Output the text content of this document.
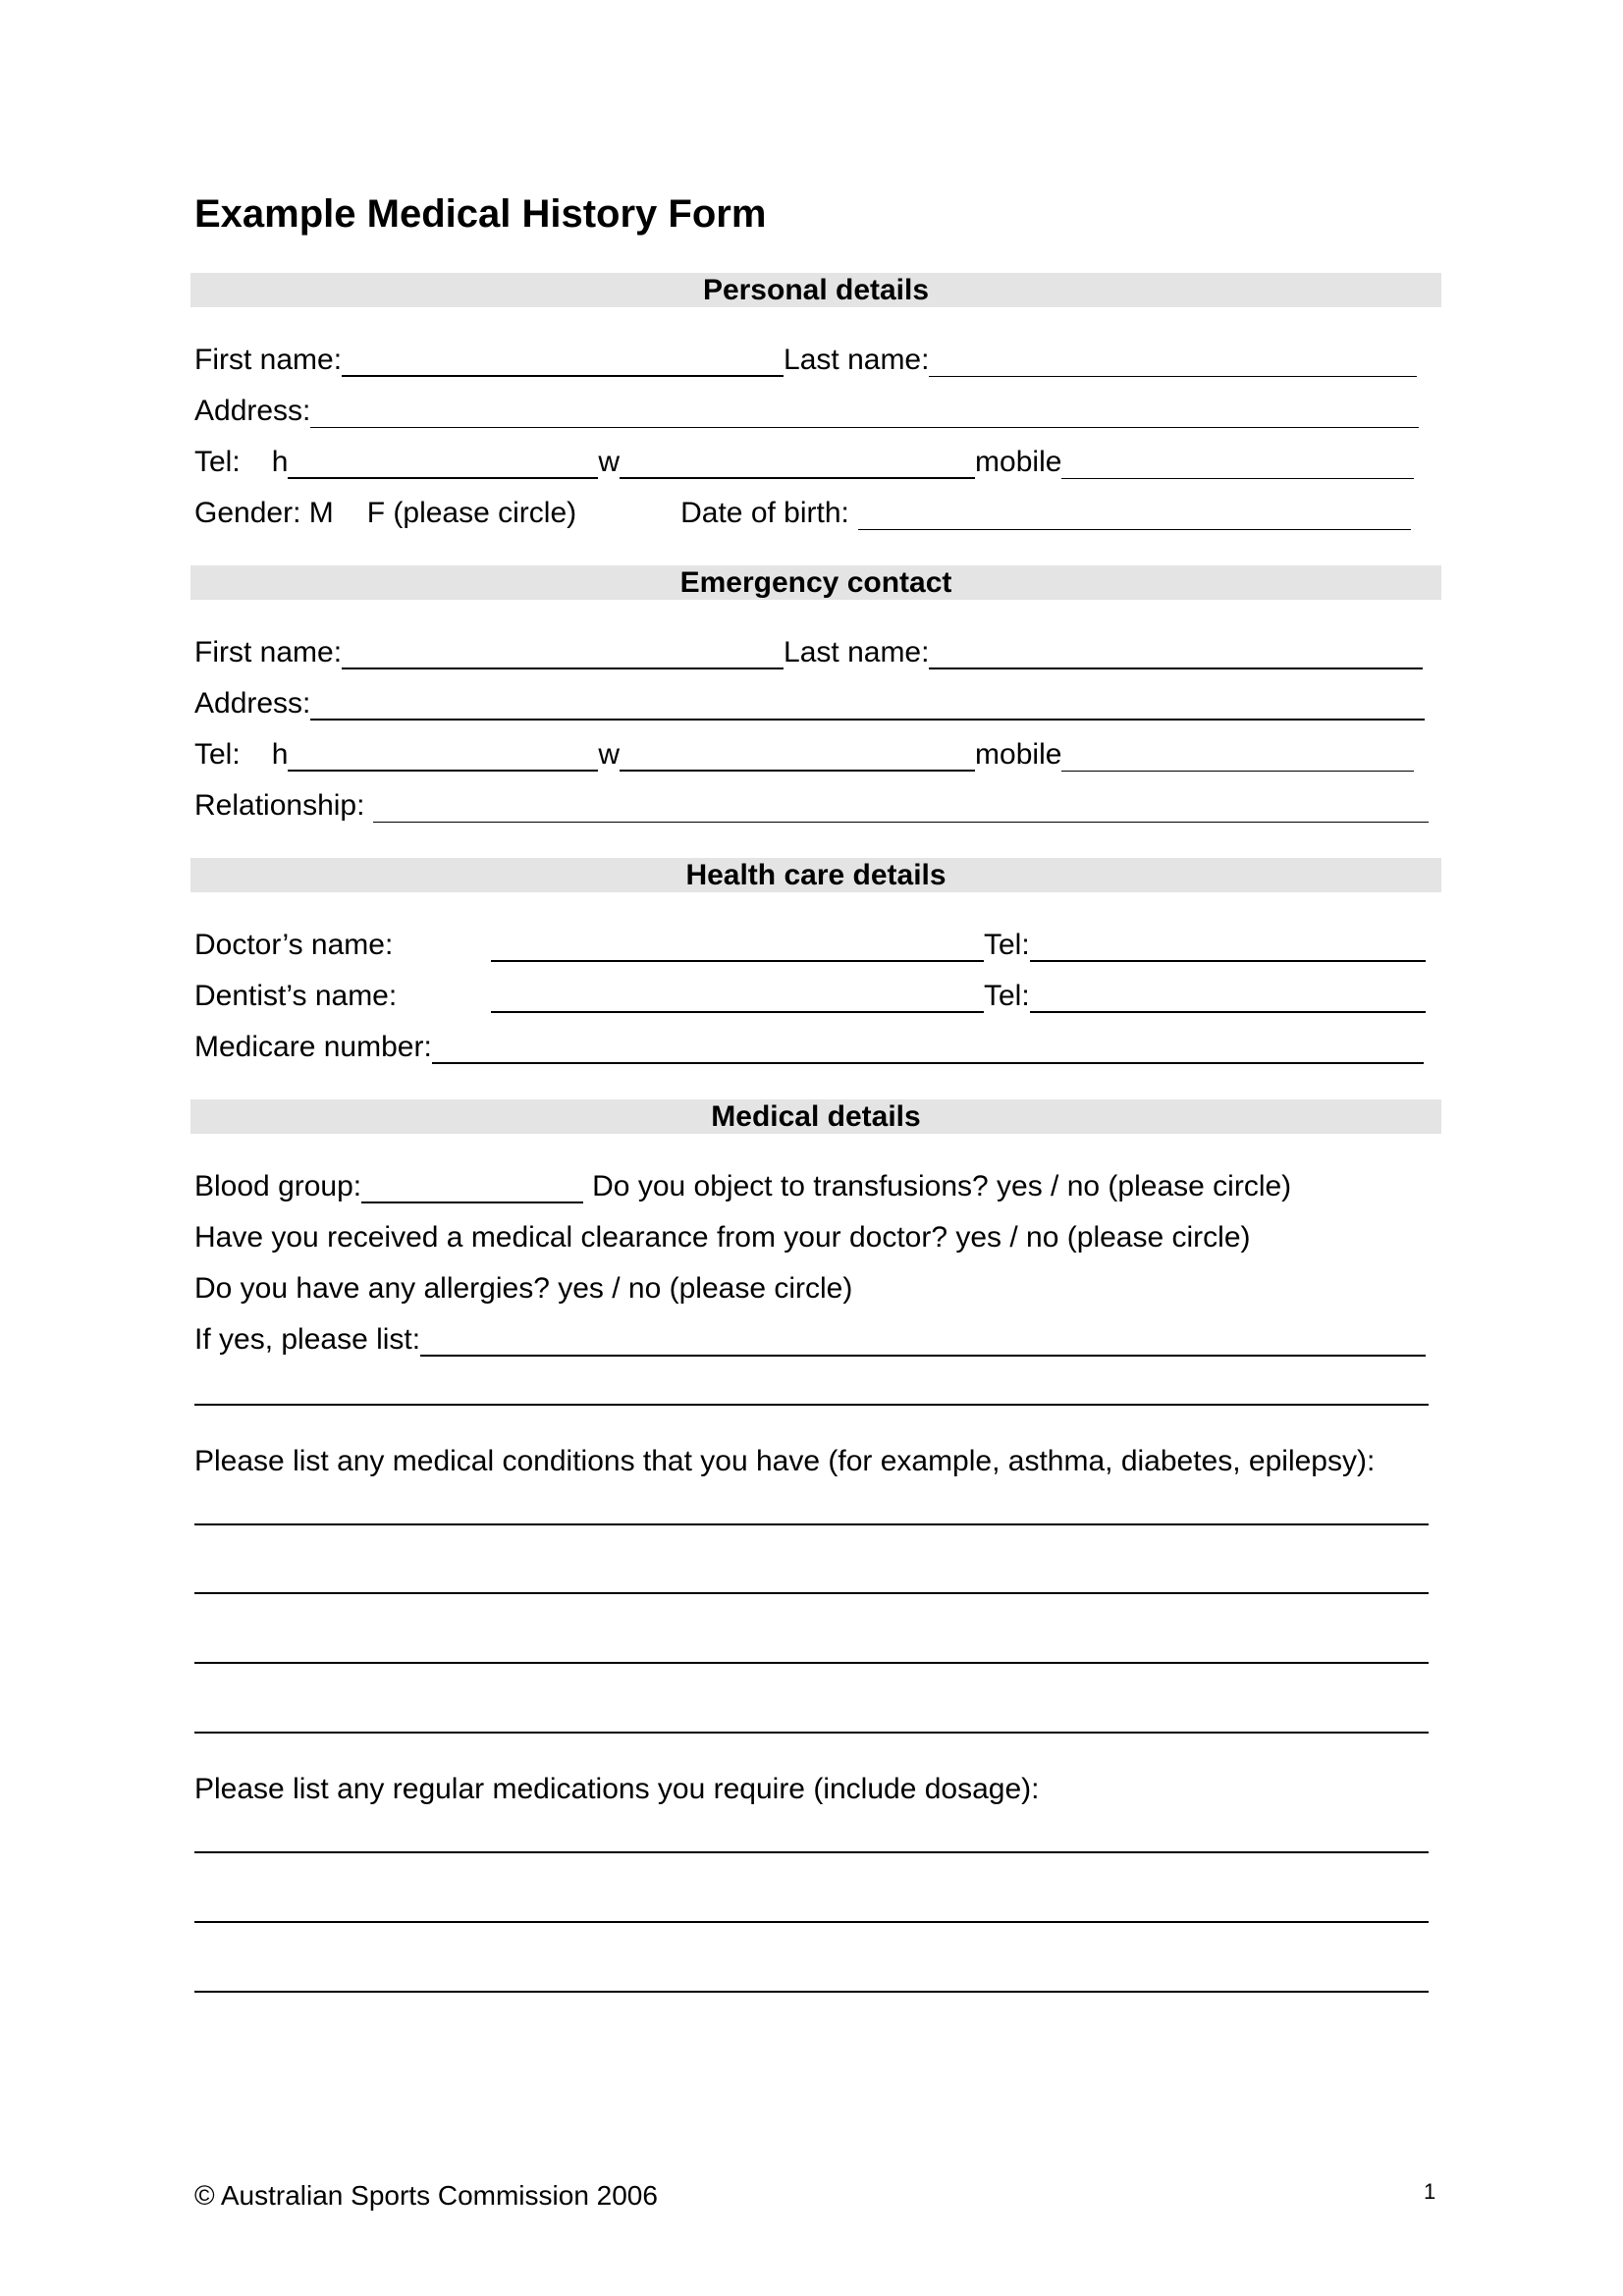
Example Medical History Form
Personal details
First name:	Last name:
Address:
Tel: h	w	mobile
Gender: M F (please circle)	Date of birth:
Emergency contact
First name:	Last name:
Address:
Tel: h	w	mobile
Relationship:
Health care details
Doctor’s name:	Tel:
Dentist’s name:	Tel:
Medicare number:
Medical details
Blood group:	Do you object to transfusions? yes / no (please circle)
Have you received a medical clearance from your doctor? yes / no (please circle)
Do you have any allergies? yes / no (please circle)
If yes, please list:
Please list any medical conditions that you have (for example, asthma, diabetes, epilepsy):
Please list any regular medications you require (include dosage):
© Australian Sports Commission 2006	1
